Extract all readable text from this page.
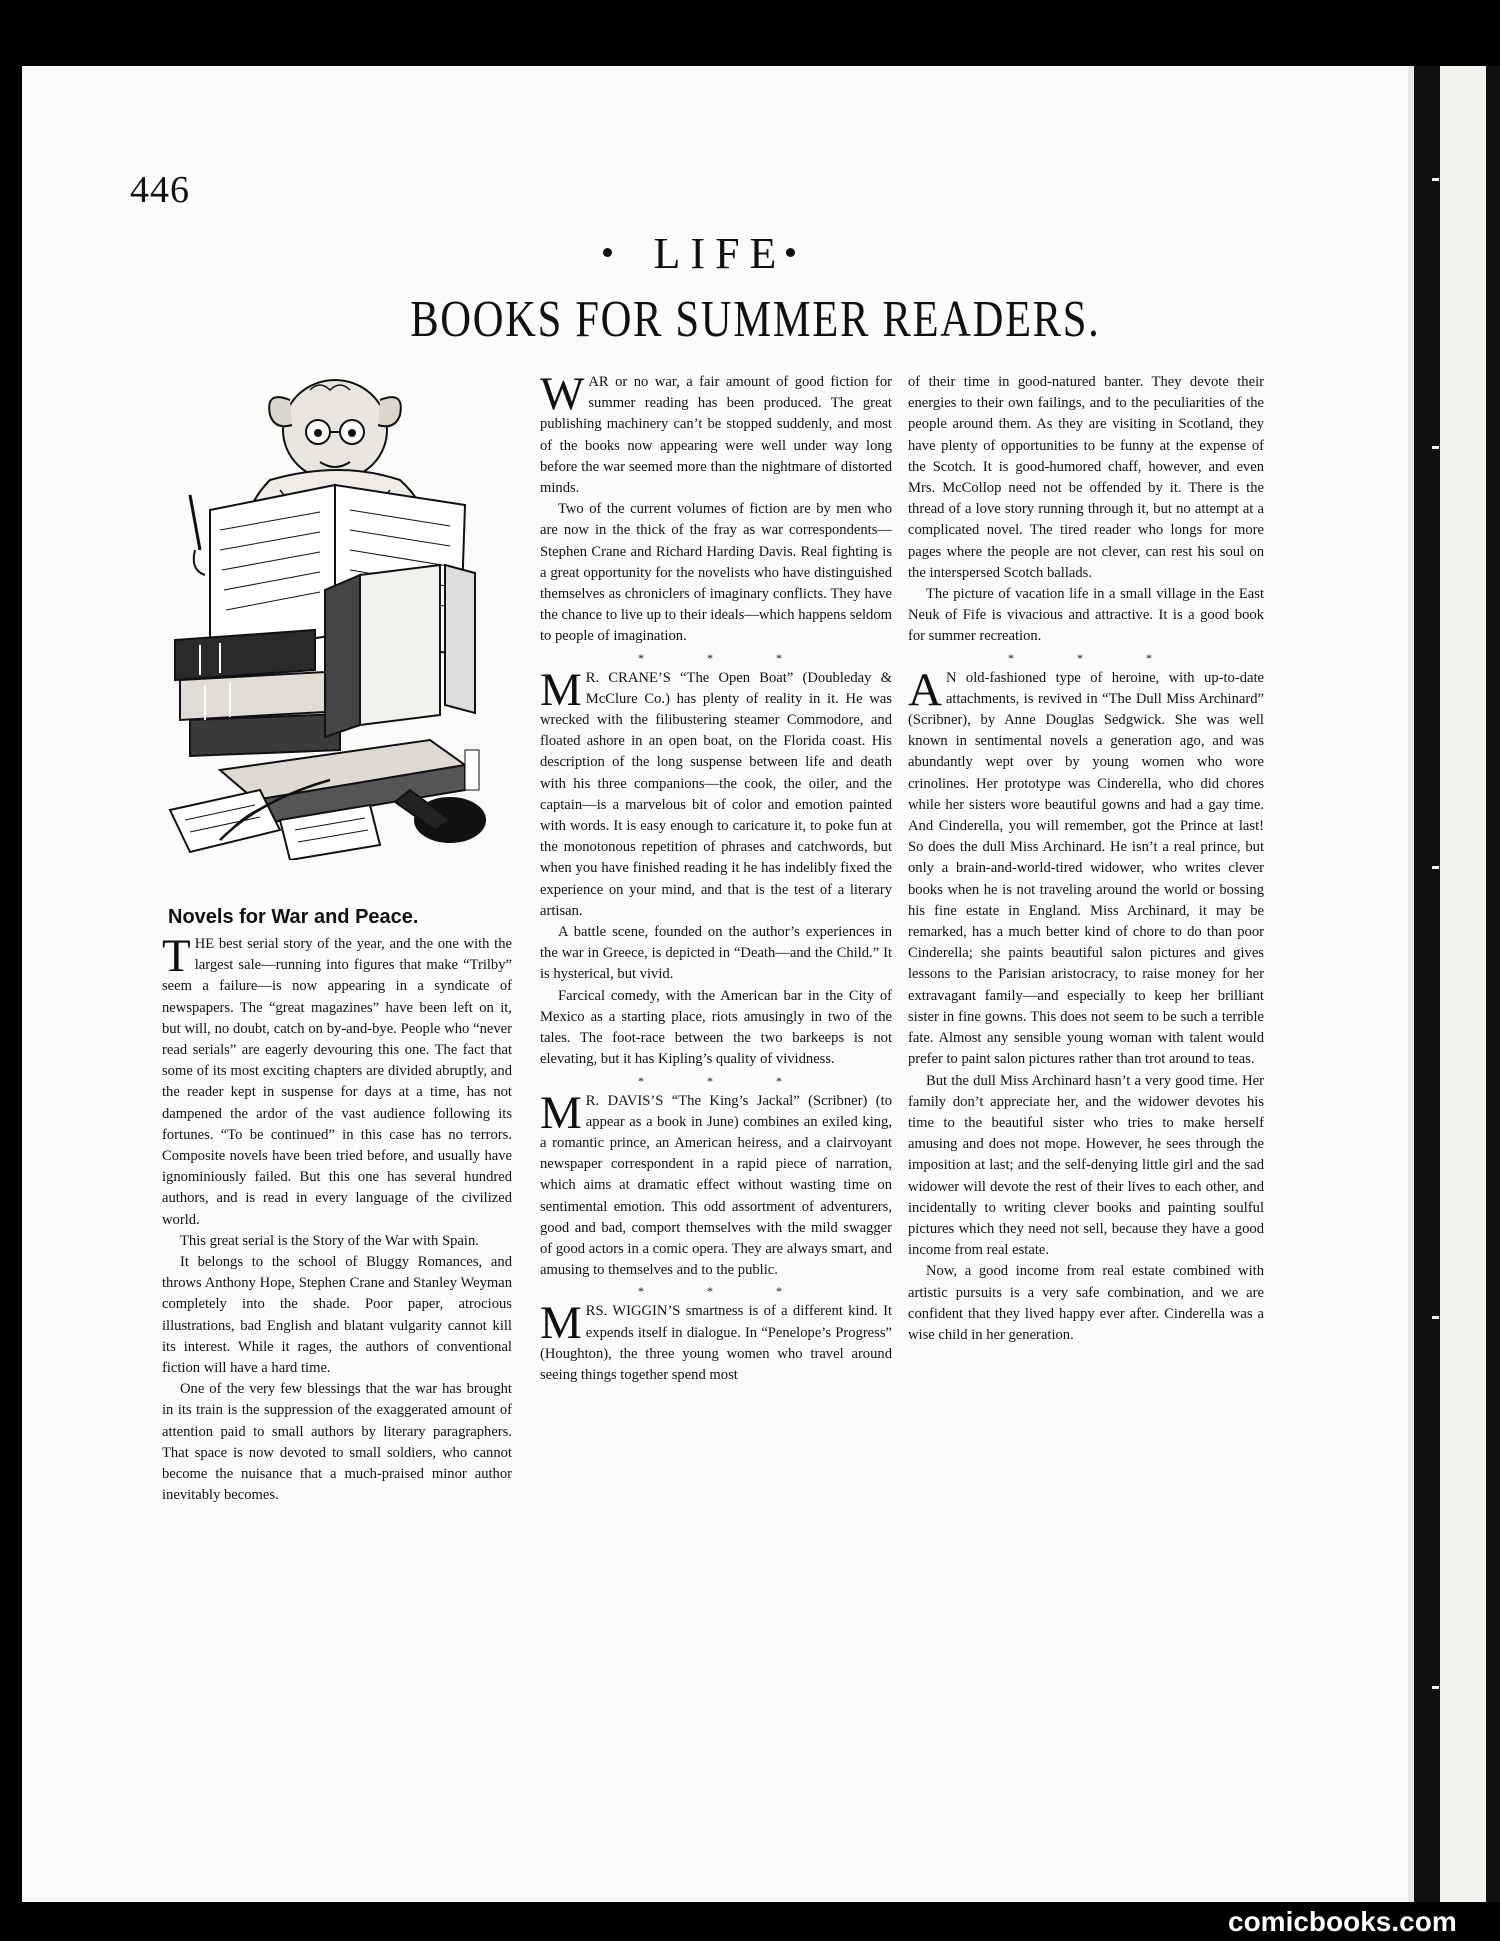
446
LIFE
BOOKS FOR SUMMER READERS.
Novels for War and Peace.

THE best serial story of the year, and the one with the largest sale—running into figures that make “Trilby” seem a failure—is now appearing in a syndicate of newspapers. The “great magazines” have been left on it, but will, no doubt, catch on by-and-bye. People who “never read serials” are eagerly devouring this one. The fact that some of its most exciting chapters are divided abruptly, and the reader kept in suspense for days at a time, has not dampened the ardor of the vast audience following its fortunes. “To be continued” in this case has no terrors. Composite novels have been tried before, and usually have ignominiously failed. But this one has several hundred authors, and is read in every language of the civilized world.

This great serial is the Story of the War with Spain.

It belongs to the school of Bluggy Romances, and throws Anthony Hope, Stephen Crane and Stanley Weyman completely into the shade. Poor paper, atrocious illustrations, bad English and blatant vulgarity cannot kill its interest. While it rages, the authors of conventional fiction will have a hard time.

One of the very few blessings that the war has brought in its train is the suppression of the exaggerated amount of attention paid to small authors by literary paragraphers. That space is now devoted to small soldiers, who cannot become the nuisance that a much-praised minor author inevitably becomes.

WAR or no war, a fair amount of good fiction for summer reading has been produced. The great publishing machinery can’t be stopped suddenly, and most of the books now appearing were well under way long before the war seemed more than the nightmare of distorted minds.

Two of the current volumes of fiction are by men who are now in the thick of the fray as war correspondents—Stephen Crane and Richard Harding Davis. Real fighting is a great opportunity for the novelists who have distinguished themselves as chroniclers of imaginary conflicts. They have the chance to live up to their ideals—which happens seldom to people of imagination.

* * *

M R. CRANE’S “The Open Boat” (Doubleday & McClure Co.) has plenty of reality in it. He was wrecked with the filibustering steamer Commodore, and floated ashore in an open boat, on the Florida coast. His description of the long suspense between life and death with his three companions—the cook, the oiler, and the captain—is a marvelous bit of color and emotion painted with words. It is easy enough to caricature it, to poke fun at the monotonous repetition of phrases and catchwords, but when you have finished reading it he has indelibly fixed the experience on your mind, and that is the test of a literary artisan.

A battle scene, founded on the author’s experiences in the war in Greece, is depicted in “Death—and the Child.” It is hysterical, but vivid.

Farcical comedy, with the American bar in the City of Mexico as a starting place, riots amusingly in two of the tales. The foot-race between the two barkeeps is not elevating, but it has Kipling’s quality of vividness.

* * *

M R. DAVIS’S “The King’s Jackal” (Scribner) (to appear as a book in June) combines an exiled king, a romantic prince, an American heiress, and a clairvoyant newspaper correspondent in a rapid piece of narration, which aims at dramatic effect without wasting time on sentimental emotion. This odd assortment of adventurers, good and bad, comport themselves with the mild swagger of good actors in a comic opera. They are always smart, and amusing to themselves and to the public.

* * *

MRS. WIGGIN’S smartness is of a different kind. It expends itself in dialogue. In “Penelope’s Progress” (Houghton), the three young women who travel around seeing things together spend most

of their time in good-natured banter. They devote their energies to their own failings, and to the peculiarities of the people around them. As they are visiting in Scotland, they have plenty of opportunities to be funny at the expense of the Scotch. It is good-humored chaff, however, and even Mrs. McCollop need not be offended by it. There is the thread of a love story running through it, but no attempt at a complicated novel. The tired reader who longs for more pages where the people are not clever, can rest his soul on the interspersed Scotch ballads.

The picture of vacation life in a small village in the East Neuk of Fife is vivacious and attractive. It is a good book for summer recreation.

* * *

A N old-fashioned type of heroine, with up-to-date attachments, is revived in “The Dull Miss Archinard” (Scribner), by Anne Douglas Sedgwick. She was well known in sentimental novels a generation ago, and was abundantly wept over by young women who wore crinolines. Her prototype was Cinderella, who did chores while her sisters wore beautiful gowns and had a gay time. And Cinderella, you will remember, got the Prince at last! So does the dull Miss Archinard. He isn’t a real prince, but only a brain-and-world-tired widower, who writes clever books when he is not traveling around the world or bossing his fine estate in England. Miss Archinard, it may be remarked, has a much better kind of chore to do than poor Cinderella; she paints beautiful salon pictures and gives lessons to the Parisian aristocracy, to raise money for her extravagant family—and especially to keep her brilliant sister in fine gowns. This does not seem to be such a terrible fate. Almost any sensible young woman with talent would prefer to paint salon pictures rather than trot around to teas.

But the dull Miss Archinard hasn’t a very good time. Her family don’t appreciate her, and the widower devotes his time to the beautiful sister who tries to make herself amusing and does not mope. However, he sees through the imposition at last; and the self-denying little girl and the sad widower will devote the rest of their lives to each other, and incidentally to writing clever books and painting soulful pictures which they need not sell, because they have a good income from real estate.

Now, a good income from real estate combined with artistic pursuits is a very safe combination, and we are confident that they lived happy ever after. Cinderella was a wise child in her generation.

comicbooks.com
